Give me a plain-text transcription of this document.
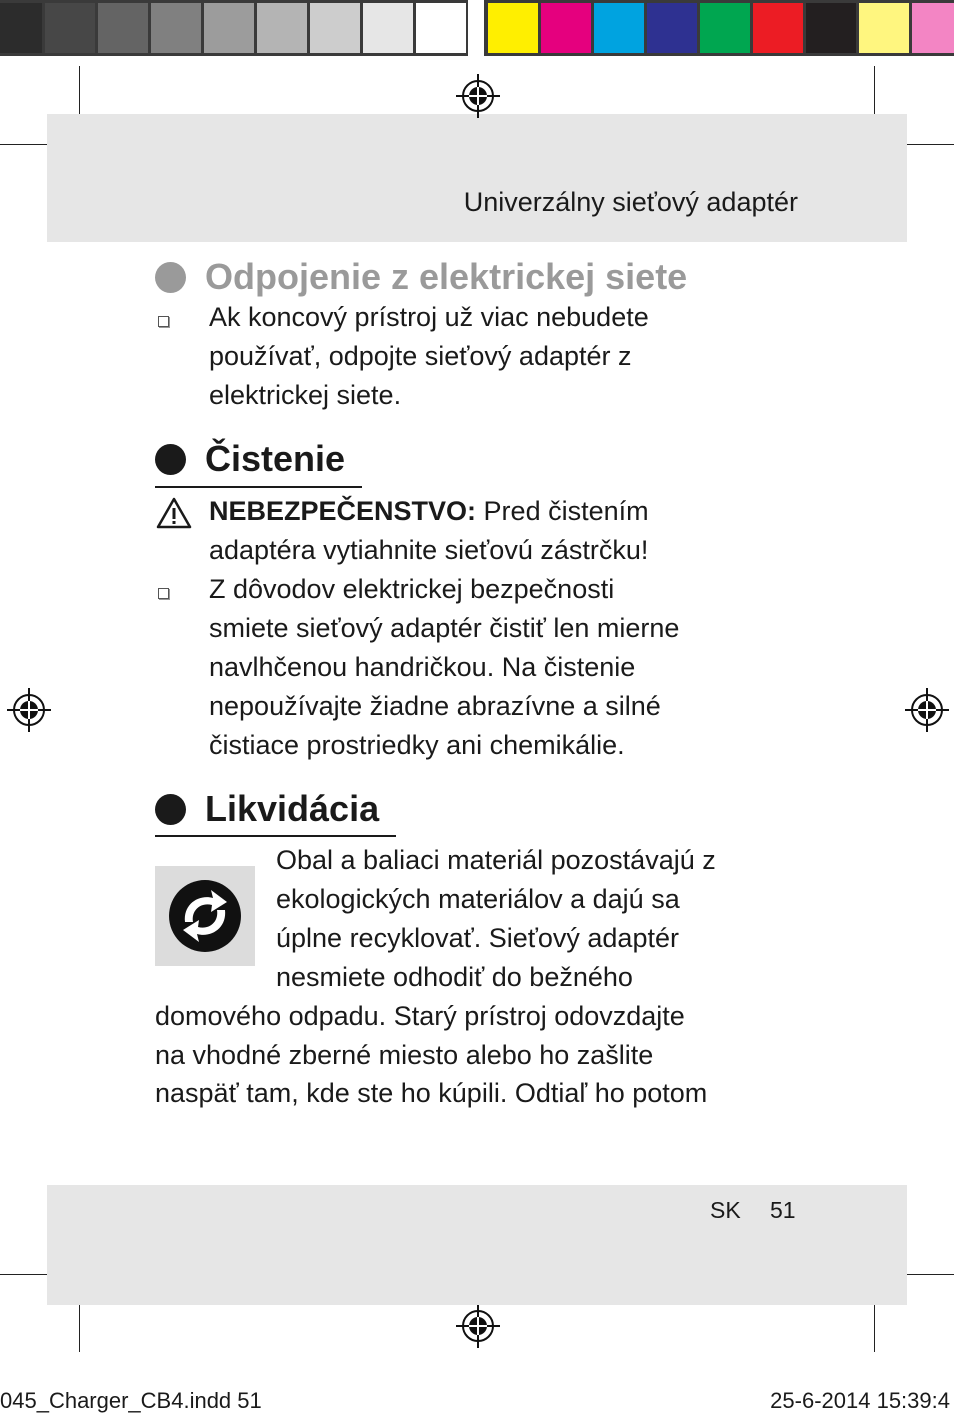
Univerzálny sieťový adaptér
Odpojenie z elektrickej siete
Ak koncový prístroj už viac nebudete
používať, odpojte sieťový adaptér z
elektrickej siete.
Čistenie
NEBEZPEČENSTVO: Pred čistením
adaptéra vytiahnite sieťovú zástrčku!
Z dôvodov elektrickej bezpečnosti
smiete sieťový adaptér čistiť len mierne
navlhčenou handričkou. Na čistenie
nepoužívajte žiadne abrazívne a silné
čistiace prostriedky ani chemikálie.
Likvidácia
Obal a baliaci materiál pozostávajú z
ekologických materiálov a dajú sa
úplne recyklovať. Sieťový adaptér
nesmiete odhodiť do bežného
domového odpadu. Starý prístroj odovzdajte
na vhodné zberné miesto alebo ho zašlite
naspäť tam, kde ste ho kúpili. Odtiaľ ho potom
SK 51
045_Charger_CB4.indd 51	25-6-2014 15:39:4
